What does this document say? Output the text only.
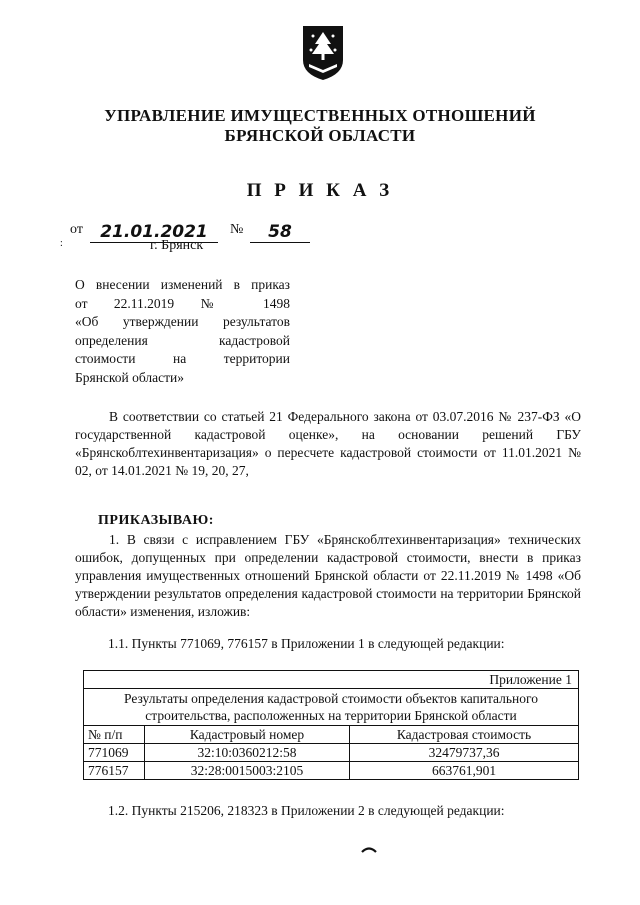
УПРАВЛЕНИЕ ИМУЩЕСТВЕННЫХ ОТНОШЕНИЙ
БРЯНСКОЙ ОБЛАСТИ
П Р И К А З
от	21.01.2021	№	58
:	г. Брянск
О внесении изменений в приказ
от 22.11.2019 № 1498
«Об утверждении результатов
определения кадастровой
стоимости на территории
Брянской области»
В соответствии со статьей 21 Федерального закона от 03.07.2016 № 237-ФЗ «О государственной кадастровой оценке», на основании решений ГБУ «Брянскоблтехинвентаризация» о пересчете кадастровой стоимости от 11.01.2021 № 02, от 14.01.2021 № 19, 20, 27,
ПРИКАЗЫВАЮ:
1. В связи с исправлением ГБУ «Брянскоблтехинвентаризация» технических ошибок, допущенных при определении кадастровой стоимости, внести в приказ управления имущественных отношений Брянской области от 22.11.2019 № 1498 «Об утверждении результатов определения кадастровой стоимости на территории Брянской области» изменения, изложив:
1.1. Пункты 771069, 776157 в Приложении 1 в следующей редакции:
Приложение 1		
Результаты определения кадастровой стоимости объектов капитального строительства, расположенных на территории Брянской области		
№ п/п	Кадастровый номер	Кадастровая стоимость
771069	32:10:0360212:58	32479737,36
776157	32:28:0015003:2105	663761,901
1.2. Пункты 215206, 218323 в Приложении 2 в следующей редакции:
